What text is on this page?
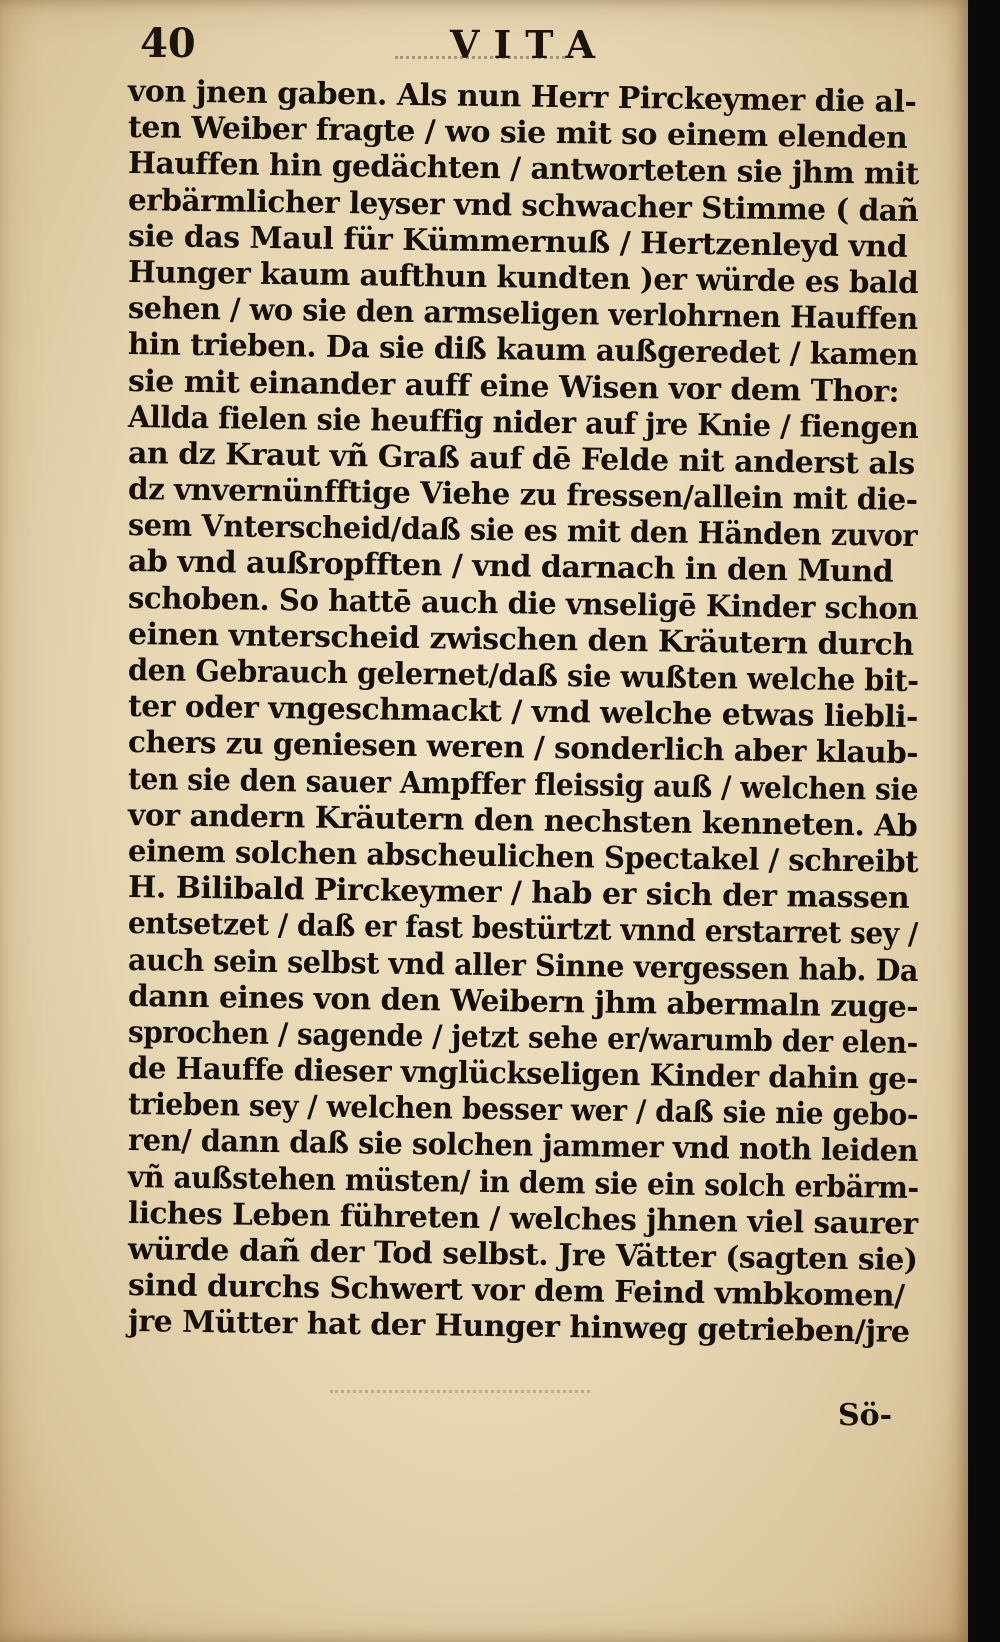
40	VITA
von jnen gaben. Als nun Herr Pirckeymer die al-
ten Weiber fragte / wo sie mit so einem elenden
Hauffen hin gedächten / antworteten sie jhm mit
erbärmlicher leyser vnd schwacher Stimme ( dañ
sie das Maul für Kümmernuß / Hertzenleyd vnd
Hunger kaum aufthun kundten )er würde es bald
sehen / wo sie den armseligen verlohrnen Hauffen
hin trieben. Da sie diß kaum außgeredet / kamen
sie mit einander auff eine Wisen vor dem Thor:
Allda fielen sie heuffig nider auf jre Knie / fiengen
an dz Kraut vñ Graß auf dē Felde nit anderst als
dz vnvernünfftige Viehe zu fressen/allein mit die-
sem Vnterscheid/daß sie es mit den Händen zuvor
ab vnd außropfften / vnd darnach in den Mund
schoben. So hattē auch die vnseligē Kinder schon
einen vnterscheid zwischen den Kräutern durch
den Gebrauch gelernet/daß sie wußten welche bit-
ter oder vngeschmackt / vnd welche etwas liebli-
chers zu geniesen weren / sonderlich aber klaub-
ten sie den sauer Ampffer fleissig auß / welchen sie
vor andern Kräutern den nechsten kenneten. Ab
einem solchen abscheulichen Spectakel / schreibt
H. Bilibald Pirckeymer / hab er sich der massen
entsetzet / daß er fast bestürtzt vnnd erstarret sey /
auch sein selbst vnd aller Sinne vergessen hab. Da
dann eines von den Weibern jhm abermaln zuge-
sprochen / sagende / jetzt sehe er/warumb der elen-
de Hauffe dieser vnglückseligen Kinder dahin ge-
trieben sey / welchen besser wer / daß sie nie gebo-
ren/ dann daß sie solchen jammer vnd noth leiden
vñ außstehen müsten/ in dem sie ein solch erbärm-
liches Leben führeten / welches jhnen viel saurer
würde dañ der Tod selbst. Jre Vätter (sagten sie)
sind durchs Schwert vor dem Feind vmbkomen/
jre Mütter hat der Hunger hinweg getrieben/jre
Sö-
